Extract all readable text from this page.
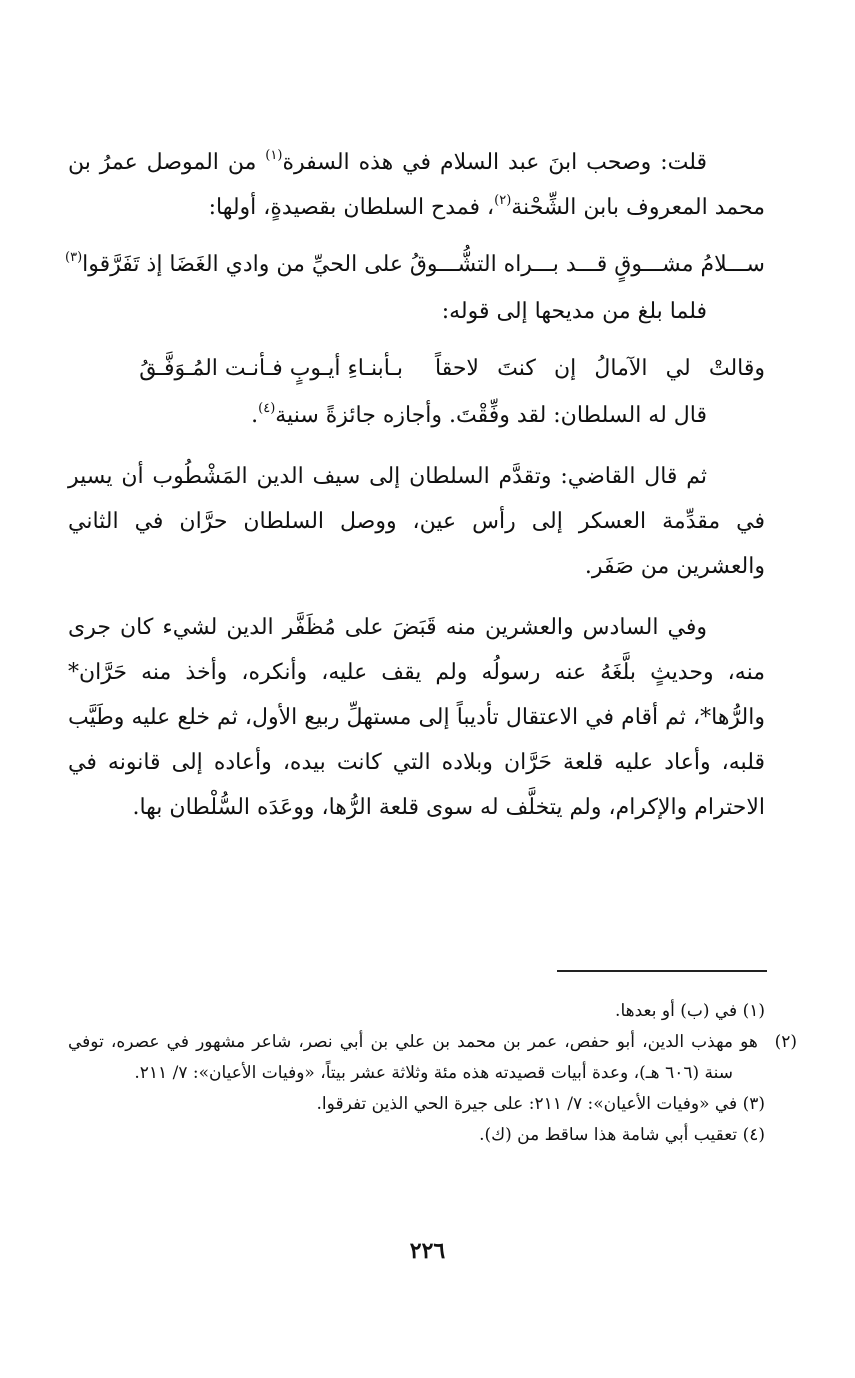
قلت: وصحب ابنَ عبد السلام في هذه السفرة$^{(١)}$ من الموصل عمرُ بن محمد المعروف بابن الشِّحْنة$^{(٢)}$، فمدح السلطان بقصيدةٍ، أولها:

ســـلامُ مشـــوقٍ قـــد بـــراه التشُّـــوقُ
على الحيِّ من وادي الغَضَا إذ تَفَرَّقوا$^{(٣)}$

فلما بلغ من مديحها إلى قوله:

وقالتْ لي الآمالُ إن كنتَ لاحقاً
بـأبنـاءِ أيـوبٍ فـأنـت المُـوَفَّـقُ

قال له السلطان: لقد وفِّقْتَ. وأجازه جائزةً سنية$^{(٤)}$.

ثم قال القاضي: وتقدَّم السلطان إلى سيف الدين المَشْطُوب أن يسير في مقدِّمة العسكر إلى رأس عين، ووصل السلطان حرَّان في الثاني والعشرين من صَفَر.

وفي السادس والعشرين منه قَبَضَ على مُظَفَّر الدين لشيء كان جرى منه، وحديثٍ بلَّغَهُ عنه رسولُه ولم يقف عليه، وأنكره، وأخذ منه حَرَّان* والرُّها*، ثم أقام في الاعتقال تأديباً إلى مستهلِّ ربيع الأول، ثم خلع عليه وطَيَّب قلبه، وأعاد عليه قلعة حَرَّان وبلاده التي كانت بيده، وأعاده إلى قانونه في الاحترام والإكرام، ولم يتخلَّف له سوى قلعة الرُّها، ووعَدَه السُّلْطان بها.

(١) في (ب) أو بعدها.

(٢) هو مهذب الدين، أبو حفص، عمر بن محمد بن علي بن أبي نصر، شاعر مشهور في عصره، توفي سنة (٦٠٦ هـ)، وعدة أبيات قصيدته هذه مئة وثلاثة عشر بيتاً، «وفيات الأعيان»: ٧/ ٢١١.

(٣) في «وفيات الأعيان»: ٧/ ٢١١: على جيرة الحي الذين تفرقوا.

(٤) تعقيب أبي شامة هذا ساقط من (ك).

٢٢٦
